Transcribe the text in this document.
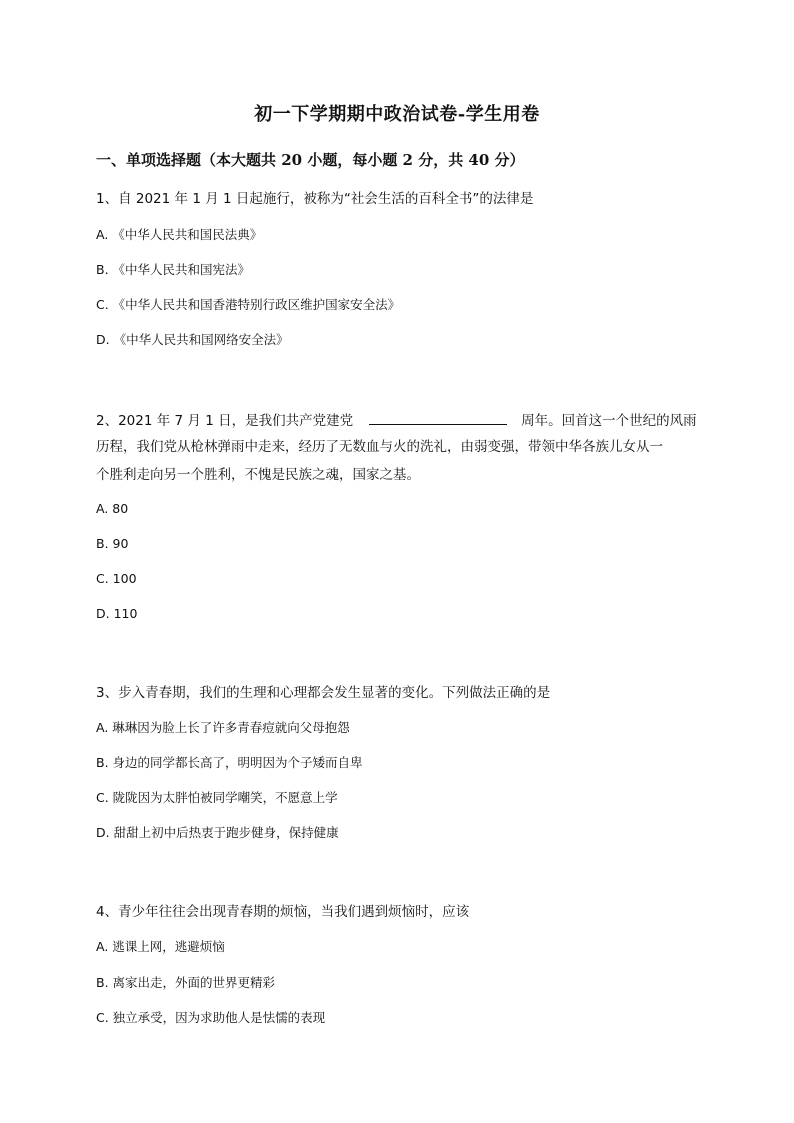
初一下学期期中政治试卷-学生用卷
一、单项选择题（本大题共 20 小题，每小题 2 分，共 40 分）
1、自 2021 年 1 月 1 日起施行，被称为“社会生活的百科全书”的法律是
A. 《中华人民共和国民法典》
B. 《中华人民共和国宪法》
C. 《中华人民共和国香港特别行政区维护国家安全法》
D. 《中华人民共和国网络安全法》
2、2021 年 7 月 1 日，是我们共产党建党	周年。回首这一个世纪的风雨
历程，我们党从枪林弹雨中走来，经历了无数血与火的洗礼，由弱变强，带领中华各族儿女从一
个胜利走向另一个胜利，不愧是民族之魂，国家之基。
A. 80
B. 90
C. 100
D. 110
3、步入青春期，我们的生理和心理都会发生显著的变化。下列做法正确的是
A. 琳琳因为脸上长了许多青春痘就向父母抱怨
B. 身边的同学都长高了，明明因为个子矮而自卑
C. 陇陇因为太胖怕被同学嘲笑，不愿意上学
D. 甜甜上初中后热衷于跑步健身，保持健康
4、青少年往往会出现青春期的烦恼，当我们遇到烦恼时，应该
A. 逃课上网，逃避烦恼
B. 离家出走，外面的世界更精彩
C. 独立承受，因为求助他人是怯懦的表现
